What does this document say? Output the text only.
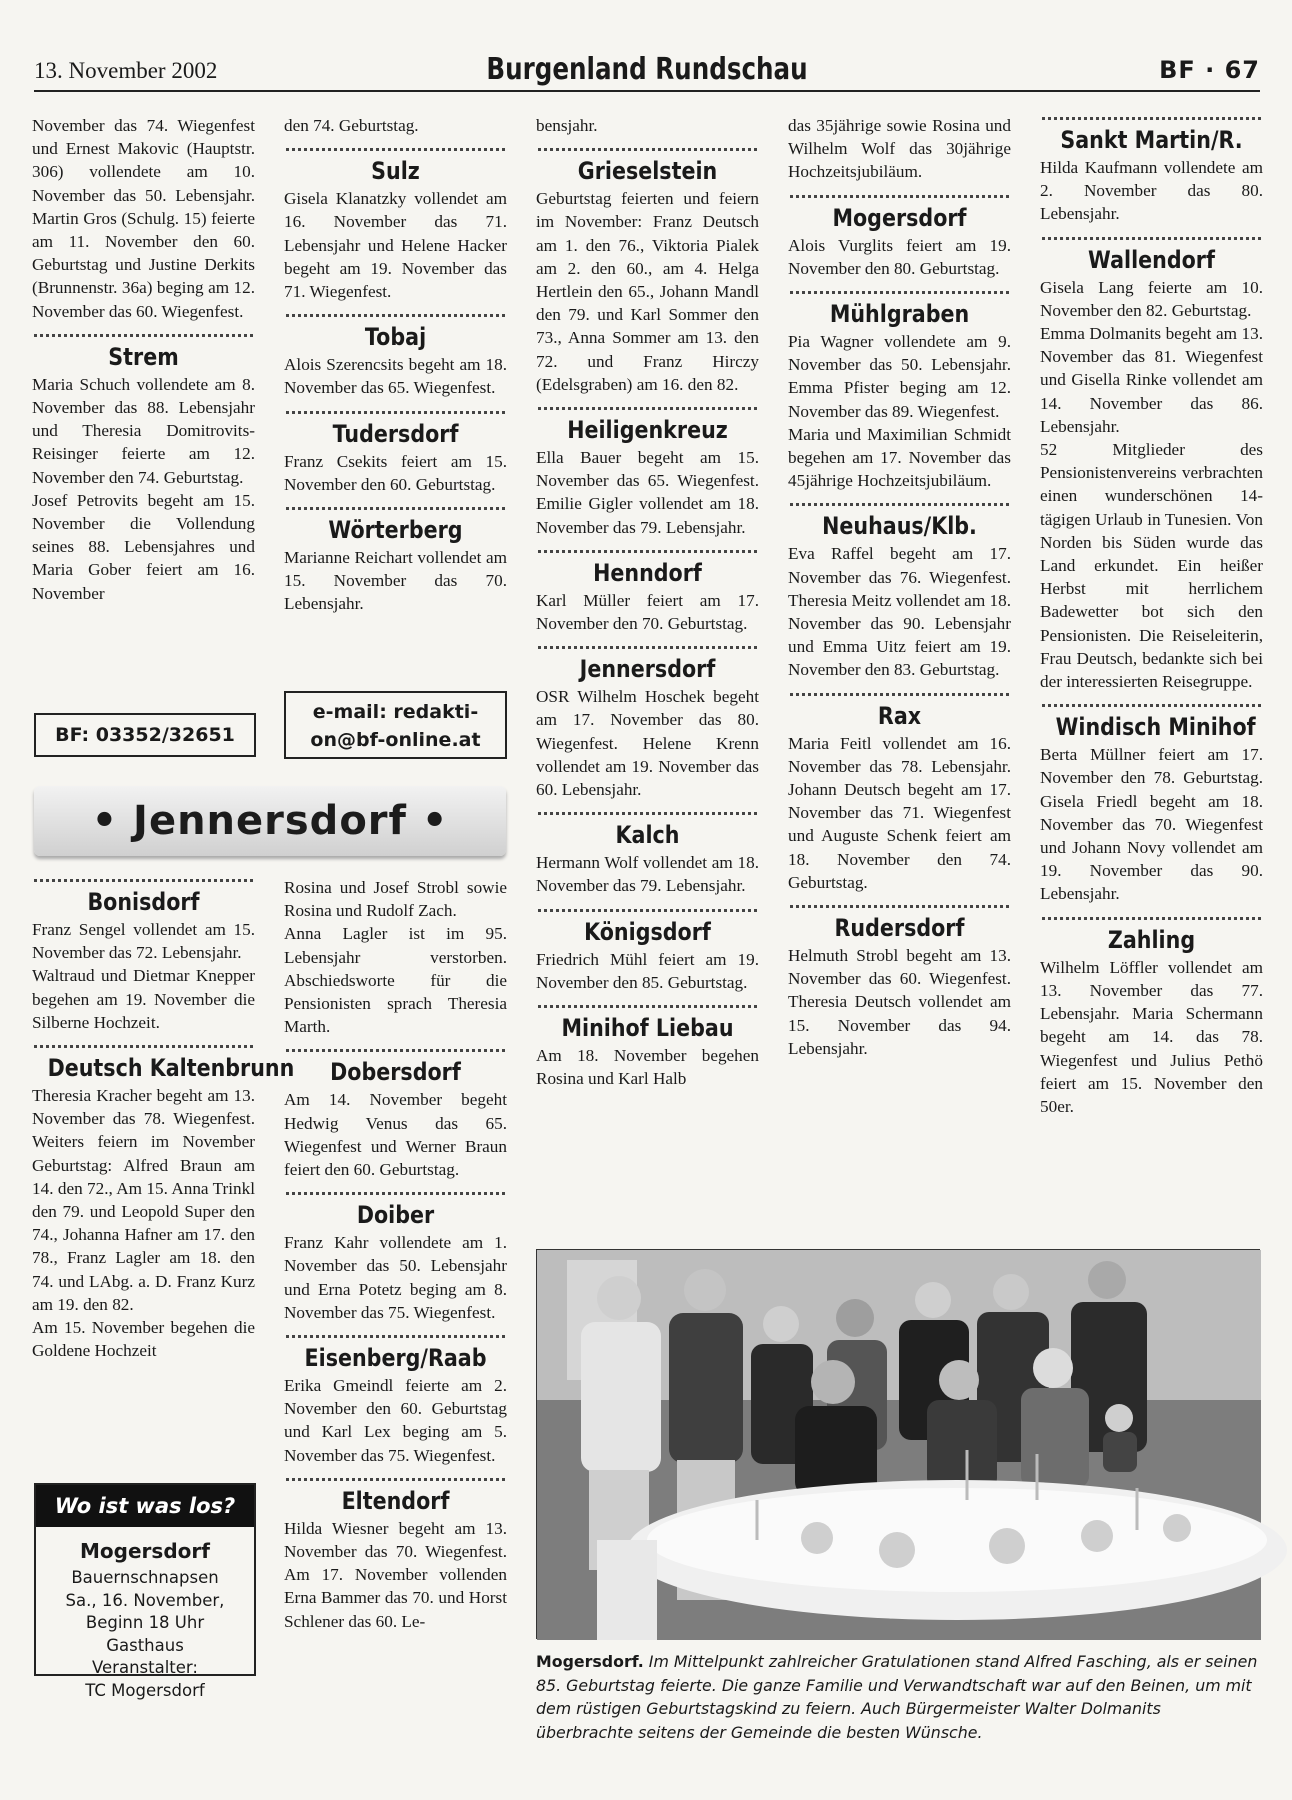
13. November 2002	Burgenland Rundschau	BF · 67

November das 74. Wiegenfest und Ernest Makovic (Hauptstr. 306) vollendete am 10. November das 50. Lebensjahr. Martin Gros (Schulg. 15) feierte am 11. November den 60. Geburtstag und Justine Derkits (Brunnenstr. 36a) beging am 12. November das 60. Wiegenfest.

Strem

Maria Schuch vollendete am 8. November das 88. Lebensjahr und Theresia Domitrovits-Reisinger feierte am 12. November den 74. Geburtstag.

Josef Petrovits begeht am 15. November die Vollendung seines 88. Lebensjahres und Maria Gober feiert am 16. November

BF: 03352/32651

den 74. Geburtstag.

Sulz

Gisela Klanatzky vollendet am 16. November das 71. Lebensjahr und Helene Hacker begeht am 19. November das 71. Wiegenfest.

Tobaj

Alois Szerencsits begeht am 18. November das 65. Wiegenfest.

Tudersdorf

Franz Csekits feiert am 15. November den 60. Geburtstag.

Wörterberg

Marianne Reichart vollendet am 15. November das 70. Lebensjahr.

e-mail: redakti-
on@bf-online.at
• Jennersdorf •
Bonisdorf

Franz Sengel vollendet am 15. November das 72. Lebensjahr.

Waltraud und Dietmar Knepper begehen am 19. November die Silberne Hochzeit.

Deutsch Kaltenbrunn

Theresia Kracher begeht am 13. November das 78. Wiegenfest. Weiters feiern im November Geburtstag: Alfred Braun am 14. den 72., Am 15. Anna Trinkl den 79. und Leopold Super den 74., Johanna Hafner am 17. den 78., Franz Lagler am 18. den 74. und LAbg. a. D. Franz Kurz am 19. den 82.

Am 15. November begehen die Goldene Hochzeit

Wo ist was los?
Mogersdorf
Bauernschnapsen
Sa., 16. November,
Beginn 18 Uhr
Gasthaus
Veranstalter:
TC Mogersdorf

Rosina und Josef Strobl sowie Rosina und Rudolf Zach.

Anna Lagler ist im 95. Lebensjahr verstorben. Abschiedsworte für die Pensionisten sprach Theresia Marth.

Dobersdorf

Am 14. November begeht Hedwig Venus das 65. Wiegenfest und Werner Braun feiert den 60. Geburtstag.

Doiber

Franz Kahr vollendete am 1. November das 50. Lebensjahr und Erna Potetz beging am 8. November das 75. Wiegenfest.

Eisenberg/Raab

Erika Gmeindl feierte am 2. November den 60. Geburtstag und Karl Lex beging am 5. November das 75. Wiegenfest.

Eltendorf

Hilda Wiesner begeht am 13. November das 70. Wiegenfest. Am 17. November vollenden Erna Bammer das 70. und Horst Schlener das 60. Le-

bensjahr.

Grieselstein

Geburtstag feierten und feiern im November: Franz Deutsch am 1. den 76., Viktoria Pialek am 2. den 60., am 4. Helga Hertlein den 65., Johann Mandl den 79. und Karl Sommer den 73., Anna Sommer am 13. den 72. und Franz Hirczy (Edelsgraben) am 16. den 82.

Heiligenkreuz

Ella Bauer begeht am 15. November das 65. Wiegenfest. Emilie Gigler vollendet am 18. November das 79. Lebensjahr.

Henndorf

Karl Müller feiert am 17. November den 70. Geburtstag.

Jennersdorf

OSR Wilhelm Hoschek begeht am 17. November das 80. Wiegenfest. Helene Krenn vollendet am 19. November das 60. Lebensjahr.

Kalch

Hermann Wolf vollendet am 18. November das 79. Lebensjahr.

Königsdorf

Friedrich Mühl feiert am 19. November den 85. Geburtstag.

Minihof Liebau

Am 18. November begehen Rosina und Karl Halb

das 35jährige sowie Rosina und Wilhelm Wolf das 30jährige Hochzeitsjubiläum.

Mogersdorf

Alois Vurglits feiert am 19. November den 80. Geburtstag.

Mühlgraben

Pia Wagner vollendete am 9. November das 50. Lebensjahr. Emma Pfister beging am 12. November das 89. Wiegenfest.

Maria und Maximilian Schmidt begehen am 17. November das 45jährige Hochzeitsjubiläum.

Neuhaus/Klb.

Eva Raffel begeht am 17. November das 76. Wiegenfest. Theresia Meitz vollendet am 18. November das 90. Lebensjahr und Emma Uitz feiert am 19. November den 83. Geburtstag.

Rax

Maria Feitl vollendet am 16. November das 78. Lebensjahr. Johann Deutsch begeht am 17. November das 71. Wiegenfest und Auguste Schenk feiert am 18. November den 74. Geburtstag.

Rudersdorf

Helmuth Strobl begeht am 13. November das 60. Wiegenfest. Theresia Deutsch vollendet am 15. November das 94. Lebensjahr.

Sankt Martin/R.

Hilda Kaufmann vollendete am 2. November das 80. Lebensjahr.

Wallendorf

Gisela Lang feierte am 10. November den 82. Geburtstag.

Emma Dolmanits begeht am 13. November das 81. Wiegenfest und Gisella Rinke vollendet am 14. November das 86. Lebensjahr.

52 Mitglieder des Pensionistenvereins verbrachten einen wunderschönen 14-tägigen Urlaub in Tunesien. Von Norden bis Süden wurde das Land erkundet. Ein heißer Herbst mit herrlichem Badewetter bot sich den Pensionisten. Die Reiseleiterin, Frau Deutsch, bedankte sich bei der interessierten Reisegruppe.

Windisch Minihof

Berta Müllner feiert am 17. November den 78. Geburtstag. Gisela Friedl begeht am 18. November das 70. Wiegenfest und Johann Novy vollendet am 19. November das 90. Lebensjahr.

Zahling

Wilhelm Löffler vollendet am 13. November das 77. Lebensjahr. Maria Schermann begeht am 14. das 78. Wiegenfest und Julius Pethö feiert am 15. November den 50er.

Mogersdorf. Im Mittelpunkt zahlreicher Gratulationen stand Alfred Fasching, als er seinen 85. Geburtstag feierte. Die ganze Familie und Verwandtschaft war auf den Beinen, um mit dem rüstigen Geburtstagskind zu feiern. Auch Bürgermeister Walter Dolmanits überbrachte seitens der Gemeinde die besten Wünsche.
